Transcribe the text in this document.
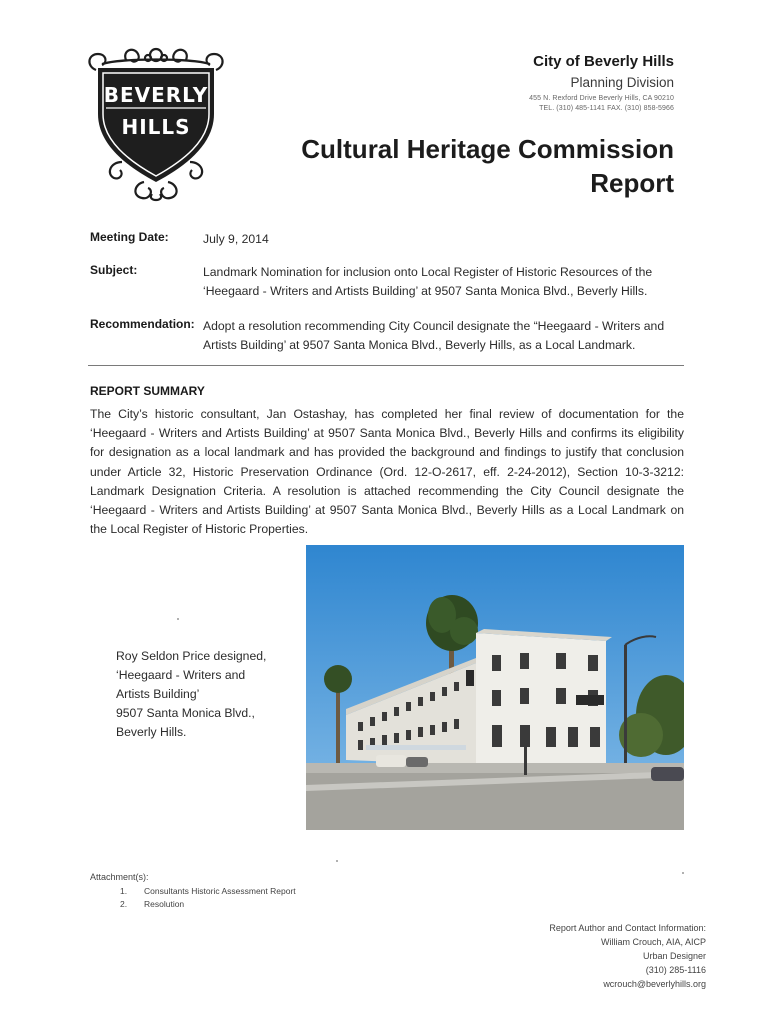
BEVERLY
HILLS
City of Beverly Hills
Planning Division
455 N. Rexford Drive Beverly Hills, CA 90210
TEL. (310) 485-1141 FAX. (310) 858-5966
Cultural Heritage Commission
Report
Meeting Date:	July 9, 2014
Subject:	Landmark Nomination for inclusion onto Local Register of Historic Resources of the ‘Heegaard - Writers and Artists Building’ at 9507 Santa Monica Blvd., Beverly Hills.
Recommendation: Adopt a resolution recommending City Council designate the “Heegaard - Writers and Artists Building’ at 9507 Santa Monica Blvd., Beverly Hills, as a Local Landmark.
REPORT SUMMARY
The City’s historic consultant, Jan Ostashay, has completed her final review of documentation for the ‘Heegaard - Writers and Artists Building’ at 9507 Santa Monica Blvd., Beverly Hills and confirms its eligibility for designation as a local landmark and has provided the background and findings to justify that conclusion under Article 32, Historic Preservation Ordinance (Ord. 12-O-2617, eff. 2-24-2012), Section 10-3-3212: Landmark Designation Criteria. A resolution is attached recommending the City Council designate the ‘Heegaard - Writers and Artists Building’ at 9507 Santa Monica Blvd., Beverly Hills as a Local Landmark on the Local Register of Historic Properties.
Roy Seldon Price designed,
‘Heegaard - Writers and
Artists Building’
9507 Santa Monica Blvd.,
Beverly Hills.
Attachment(s):
1. Consultants Historic Assessment Report
2. Resolution
Report Author and Contact Information:
William Crouch, AIA, AICP
Urban Designer
(310) 285-1116
wcrouch@beverlyhills.org
